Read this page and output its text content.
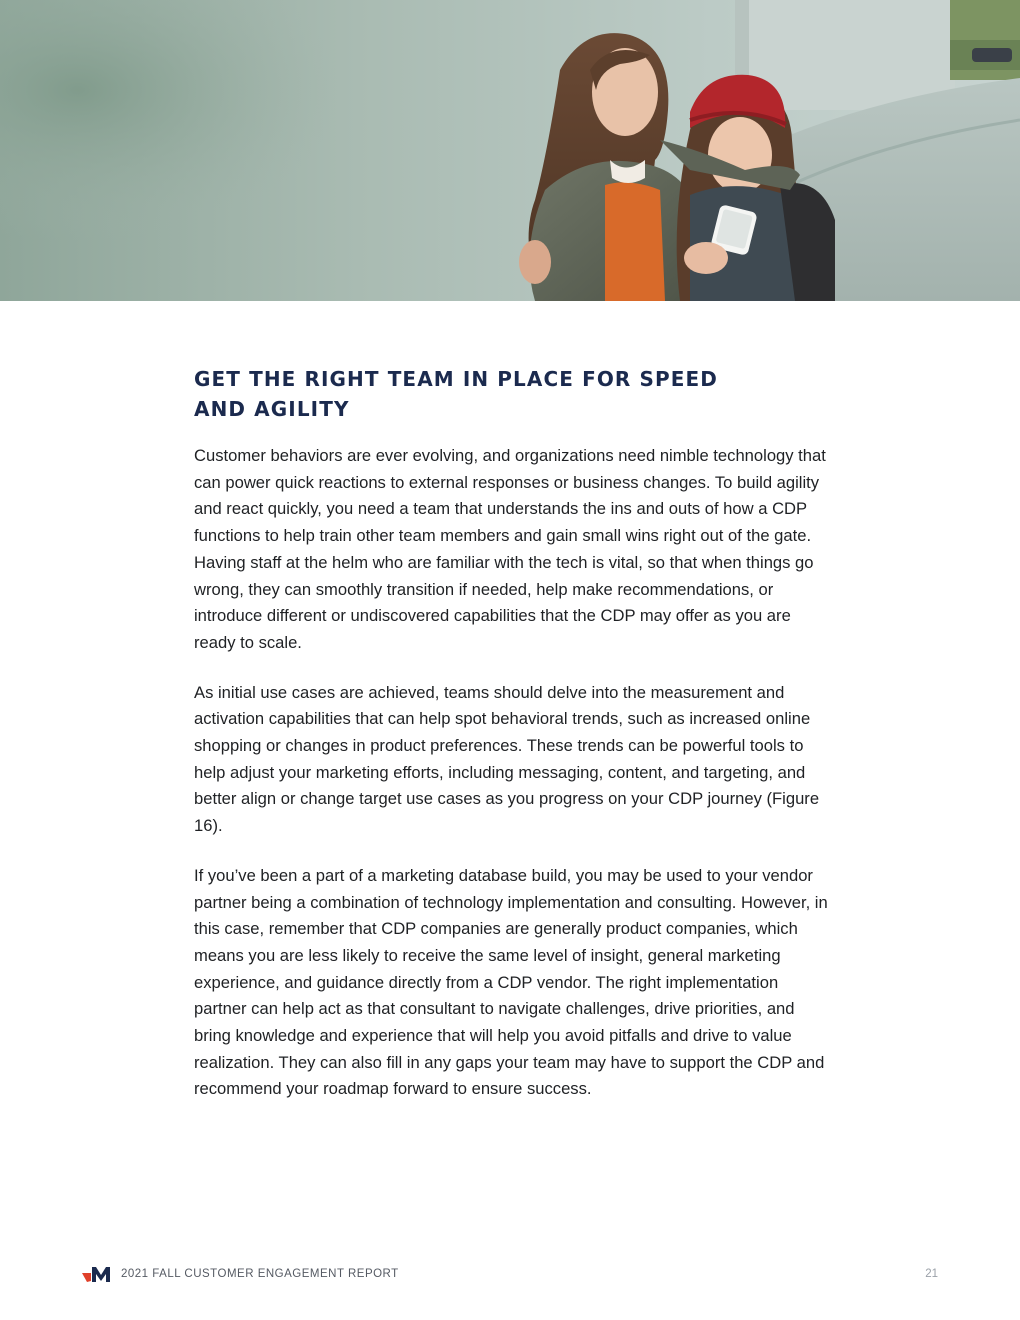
GET THE RIGHT TEAM IN PLACE FOR SPEED
AND AGILITY

Customer behaviors are ever evolving, and organizations need nimble technology that can power quick reactions to external responses or business changes. To build agility and react quickly, you need a team that understands the ins and outs of how a CDP functions to help train other team members and gain small wins right out of the gate. Having staff at the helm who are familiar with the tech is vital, so that when things go wrong, they can smoothly transition if needed, help make recommendations, or introduce different or undiscovered capabilities that the CDP may offer as you are ready to scale.

As initial use cases are achieved, teams should delve into the measurement and activation capabilities that can help spot behavioral trends, such as increased online shopping or changes in product preferences. These trends can be powerful tools to help adjust your marketing efforts, including messaging, content, and targeting, and better align or change target use cases as you progress on your CDP journey (Figure 16).

If you’ve been a part of a marketing database build, you may be used to your vendor partner being a combination of technology implementation and consulting. However, in this case, remember that CDP companies are generally product companies, which means you are less likely to receive the same level of insight, general marketing experience, and guidance directly from a CDP vendor. The right implementation partner can help act as that consultant to navigate challenges, drive priorities, and bring knowledge and experience that will help you avoid pitfalls and drive to value realization. They can also fill in any gaps your team may have to support the CDP and recommend your roadmap forward to ensure success.

2021 FALL CUSTOMER ENGAGEMENT REPORT	21
